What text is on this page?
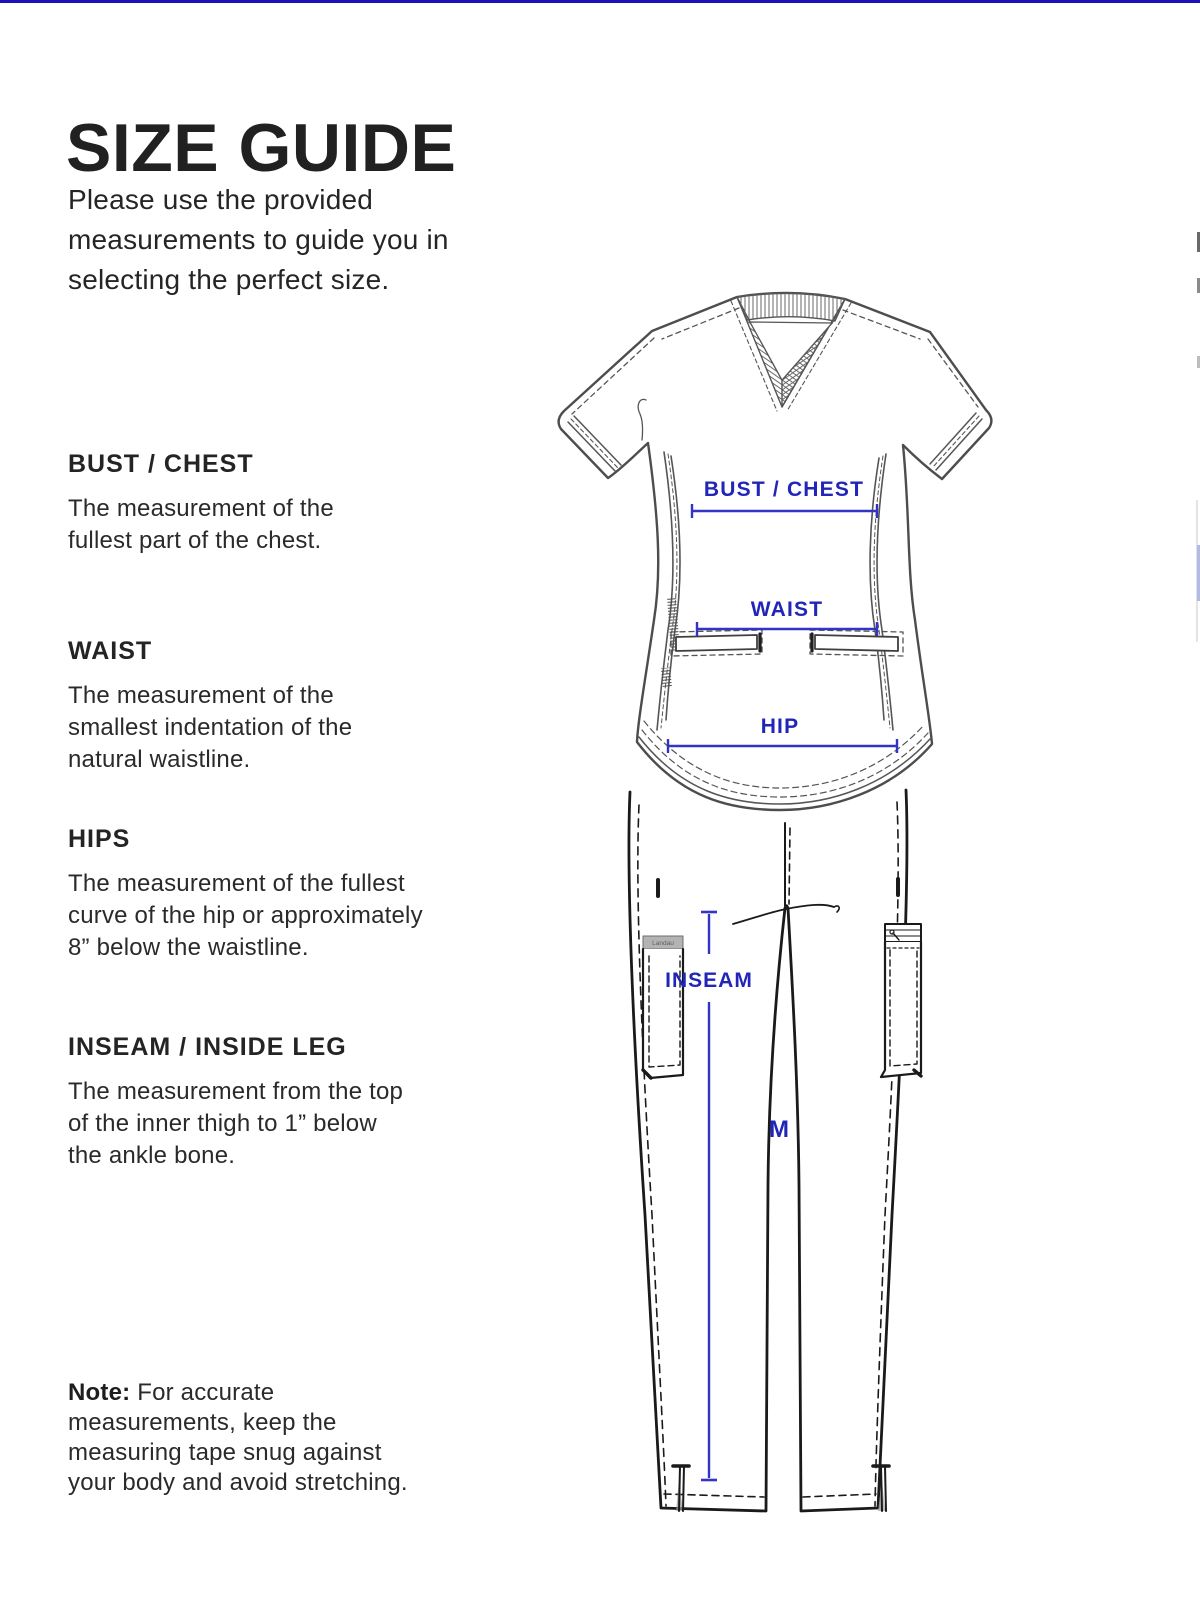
SIZE GUIDE
Please use the provided
measurements to guide you in
selecting the perfect size.
BUST / CHEST
The measurement of the
fullest part of the chest.
WAIST
The measurement of the
smallest indentation of the
natural waistline.
HIPS
The measurement of the fullest
curve of the hip or approximately
8” below the waistline.
INSEAM / INSIDE LEG
The measurement from the top
of the inner thigh to 1” below
the ankle bone.
Note: For accurate
measurements, keep the
measuring tape snug against
your body and avoid stretching.
Landau
INSEAM
M
BUST / CHEST
WAIST
HIP
